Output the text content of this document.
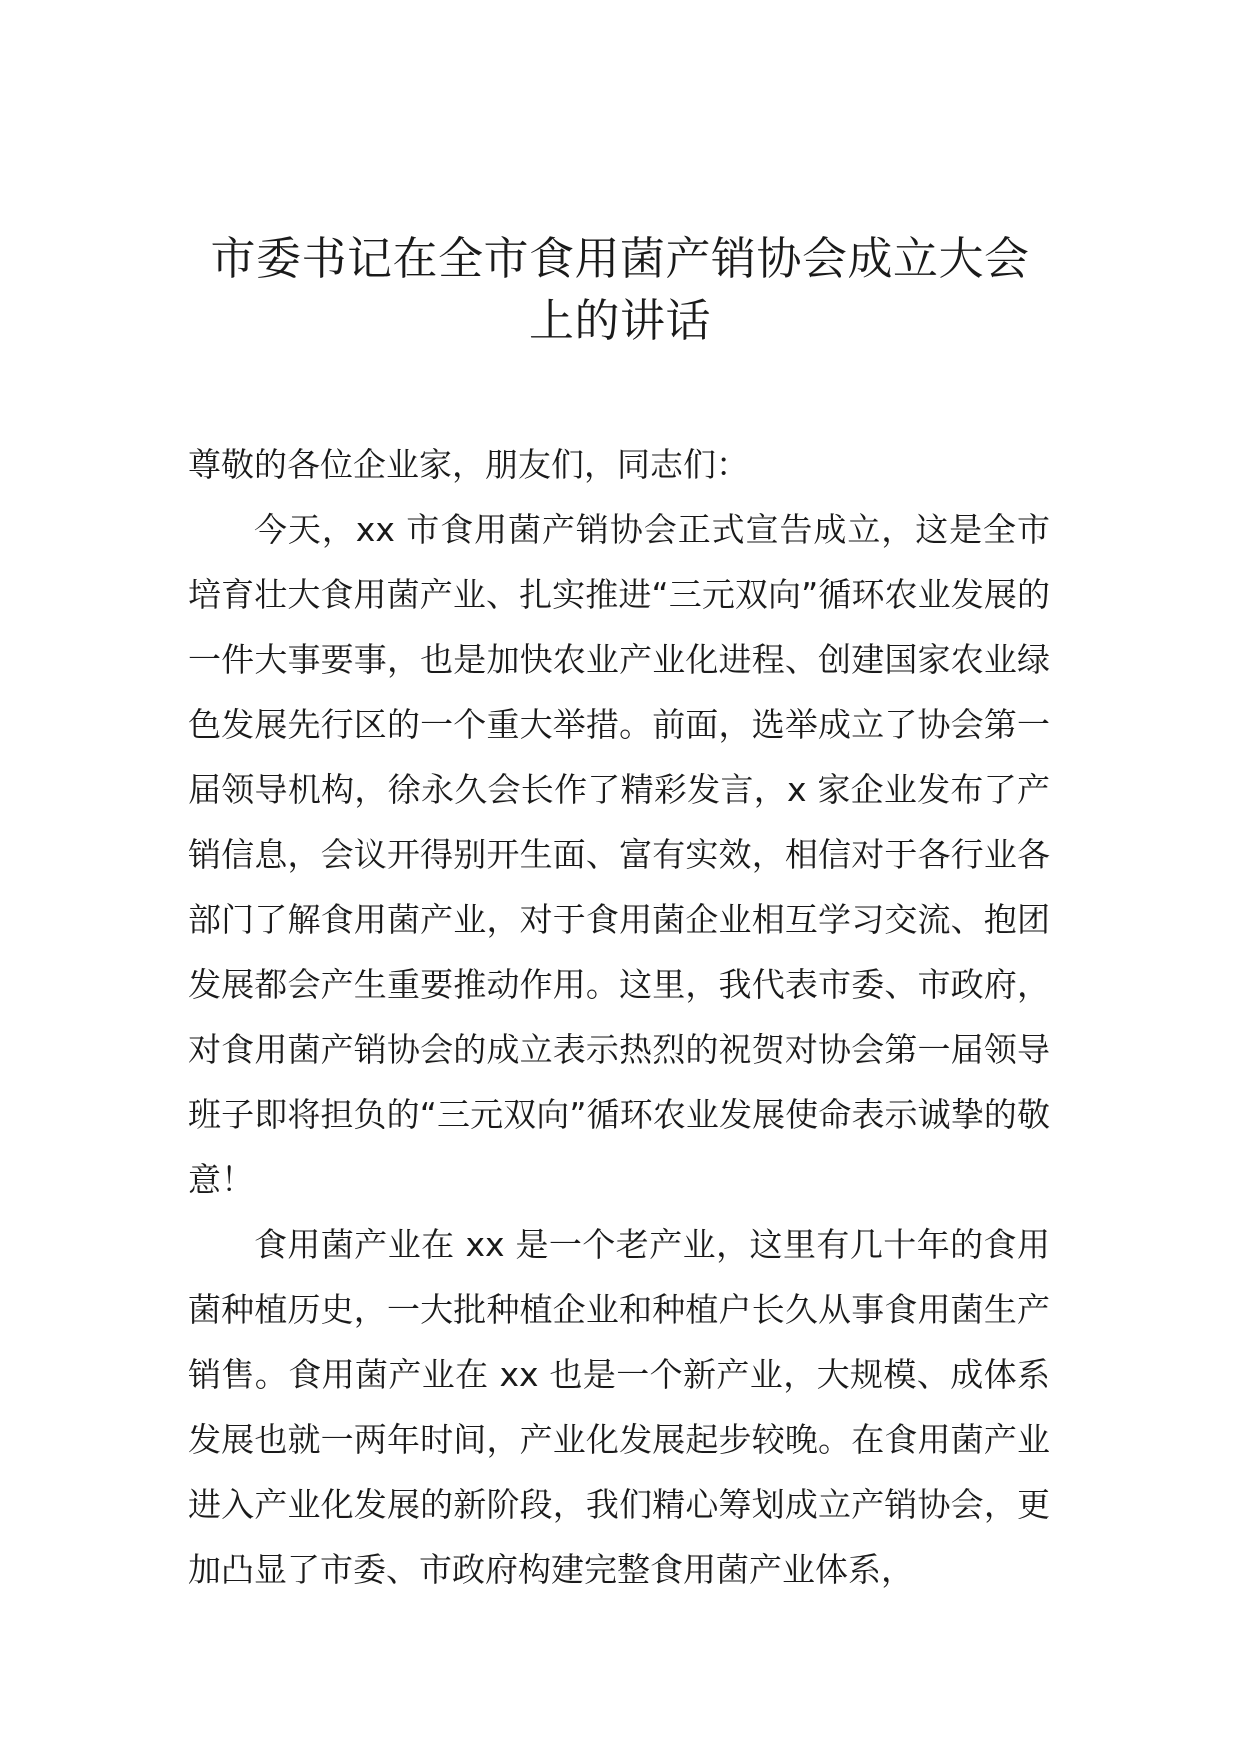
市委书记在全市食用菌产销协会成立大会
上的讲话

尊敬的各位企业家，朋友们，同志们：

今天，xx 市食用菌产销协会正式宣告成立，这是全市培育壮大食用菌产业、扎实推进“三元双向”循环农业发展的一件大事要事，也是加快农业产业化进程、创建国家农业绿色发展先行区的一个重大举措。前面，选举成立了协会第一届领导机构，徐永久会长作了精彩发言，x 家企业发布了产销信息，会议开得别开生面、富有实效，相信对于各行业各部门了解食用菌产业，对于食用菌企业相互学习交流、抱团发展都会产生重要推动作用。这里，我代表市委、市政府，对食用菌产销协会的成立表示热烈的祝贺对协会第一届领导班子即将担负的“三元双向”循环农业发展使命表示诚挚的敬意！

食用菌产业在 xx 是一个老产业，这里有几十年的食用菌种植历史，一大批种植企业和种植户长久从事食用菌生产销售。食用菌产业在 xx 也是一个新产业，大规模、成体系发展也就一两年时间，产业化发展起步较晚。在食用菌产业进入产业化发展的新阶段，我们精心筹划成立产销协会，更加凸显了市委、市政府构建完整食用菌产业体系，
